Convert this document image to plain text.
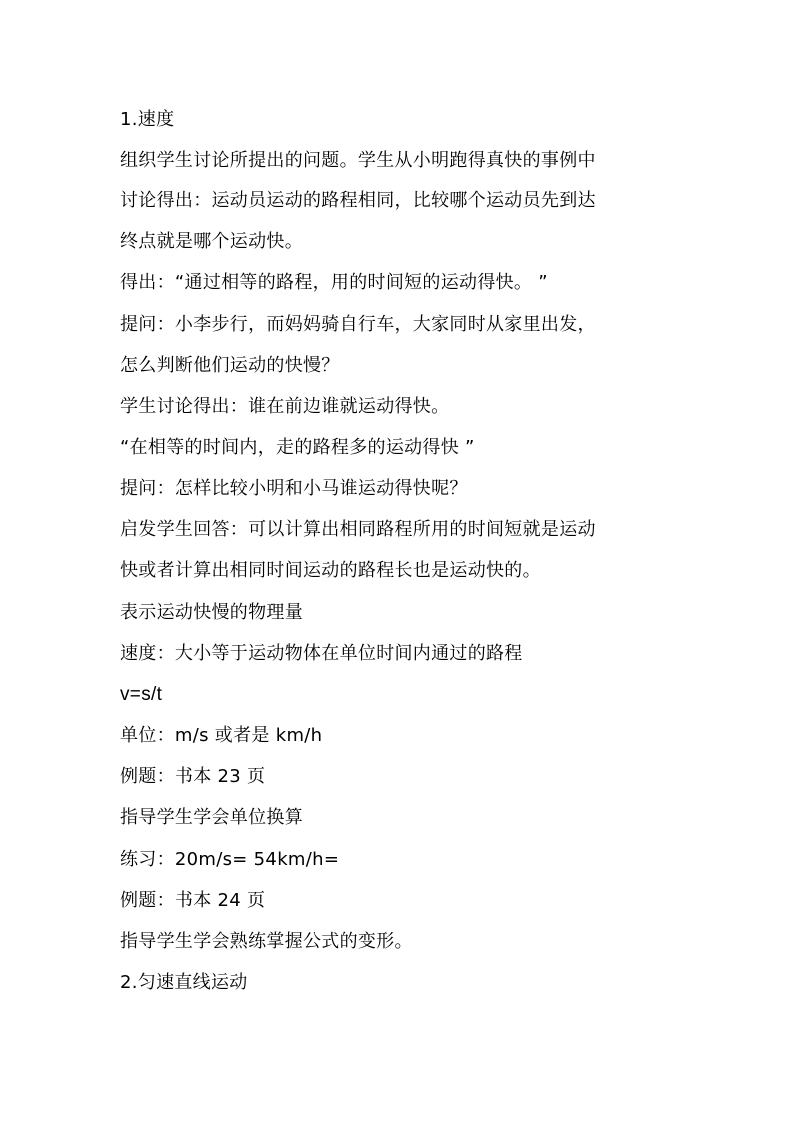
1.速度
组织学生讨论所提出的问题。学生从小明跑得真快的事例中
讨论得出：运动员运动的路程相同，比较哪个运动员先到达
终点就是哪个运动快。
得出：“通过相等的路程，用的时间短的运动得快。 ”
提问：小李步行，而妈妈骑自行车，大家同时从家里出发，
怎么判断他们运动的快慢？
学生讨论得出：谁在前边谁就运动得快。
“在相等的时间内，走的路程多的运动得快 ”
提问：怎样比较小明和小马谁运动得快呢？
启发学生回答：可以计算出相同路程所用的时间短就是运动
快或者计算出相同时间运动的路程长也是运动快的。
表示运动快慢的物理量
速度：大小等于运动物体在单位时间内通过的路程
v=s/t
单位：m/s 或者是 km/h
例题：书本 23 页
指导学生学会单位换算
练习：20m/s= 54km/h=
例题：书本 24 页
指导学生学会熟练掌握公式的变形。
2.匀速直线运动
